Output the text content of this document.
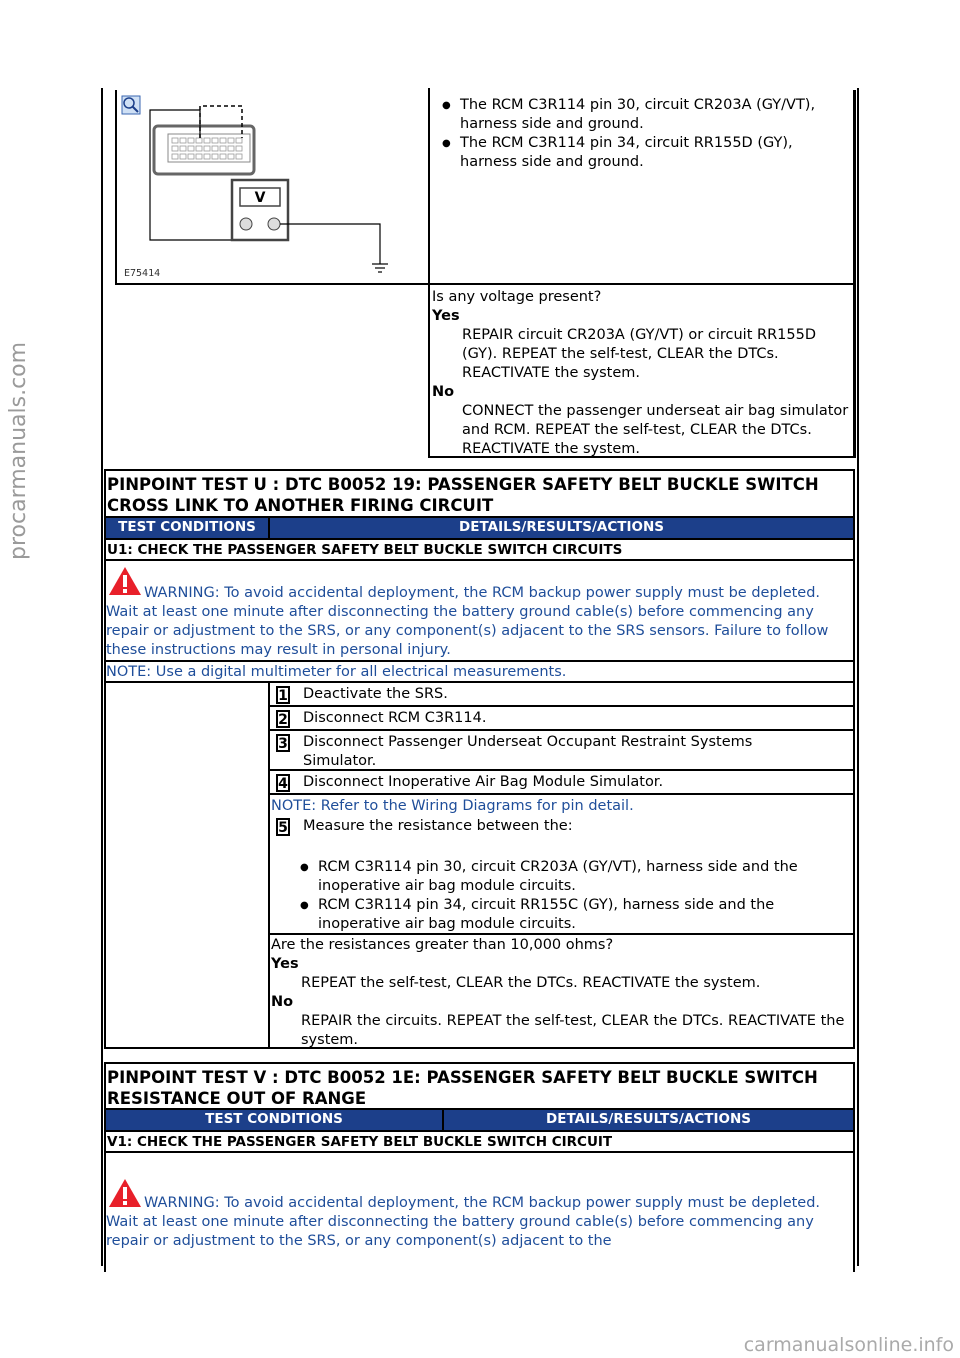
procarmanuals.com
V
E75414
● The RCM C3R114 pin 30, circuit CR203A (GY/VT), harness side and ground.
● The RCM C3R114 pin 34, circuit RR155D (GY), harness side and ground.
Is any voltage present?
Yes
REPAIR circuit CR203A (GY/VT) or circuit RR155D (GY). REPEAT the self-test, CLEAR the DTCs. REACTIVATE the system.
No
CONNECT the passenger underseat air bag simulator and RCM. REPEAT the self-test, CLEAR the DTCs. REACTIVATE the system.
PINPOINT TEST U : DTC B0052 19: PASSENGER SAFETY BELT BUCKLE SWITCH CROSS LINK TO ANOTHER FIRING CIRCUIT
TEST CONDITIONS	DETAILS/RESULTS/ACTIONS
U1: CHECK THE PASSENGER SAFETY BELT BUCKLE SWITCH CIRCUITS
WARNING: To avoid accidental deployment, the RCM backup power supply must be depleted. Wait at least one minute after disconnecting the battery ground cable(s) before commencing any repair or adjustment to the SRS, or any component(s) adjacent to the SRS sensors. Failure to follow these instructions may result in personal injury.
NOTE: Use a digital multimeter for all electrical measurements.
1 Deactivate the SRS.
2 Disconnect RCM C3R114.
3 Disconnect Passenger Underseat Occupant Restraint Systems Simulator.
4 Disconnect Inoperative Air Bag Module Simulator.
NOTE: Refer to the Wiring Diagrams for pin detail.
5 Measure the resistance between the:
● RCM C3R114 pin 30, circuit CR203A (GY/VT), harness side and the inoperative air bag module circuits.
● RCM C3R114 pin 34, circuit RR155C (GY), harness side and the inoperative air bag module circuits.
Are the resistances greater than 10,000 ohms?
Yes
REPEAT the self-test, CLEAR the DTCs. REACTIVATE the system.
No
REPAIR the circuits. REPEAT the self-test, CLEAR the DTCs. REACTIVATE the system.
PINPOINT TEST V : DTC B0052 1E: PASSENGER SAFETY BELT BUCKLE SWITCH RESISTANCE OUT OF RANGE
TEST CONDITIONS	DETAILS/RESULTS/ACTIONS
V1: CHECK THE PASSENGER SAFETY BELT BUCKLE SWITCH CIRCUIT
WARNING: To avoid accidental deployment, the RCM backup power supply must be depleted. Wait at least one minute after disconnecting the battery ground cable(s) before commencing any repair or adjustment to the SRS, or any component(s) adjacent to the
carmanualsonline.info
